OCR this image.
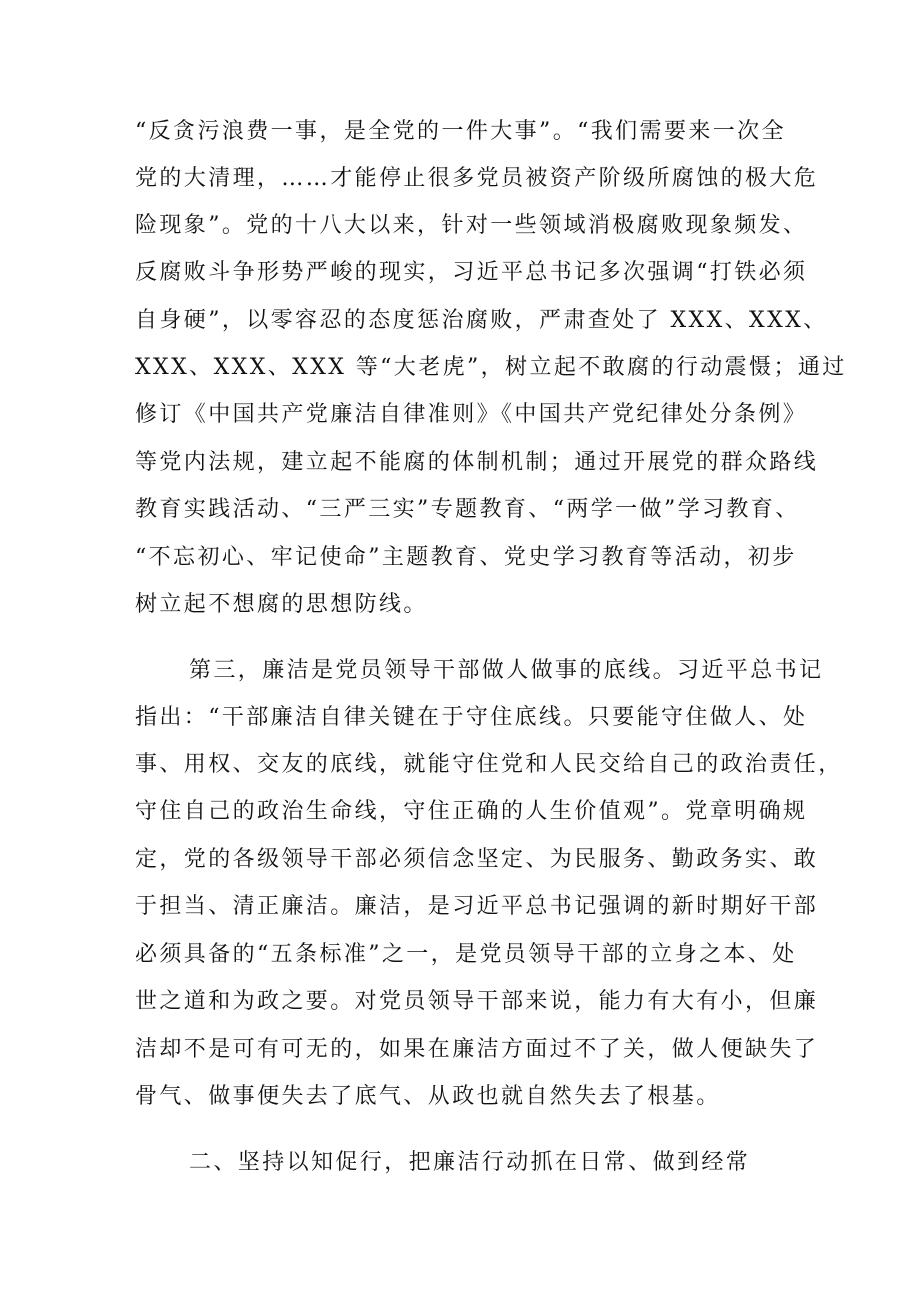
“反贪污浪费一事，是全党的一件大事”。“我们需要来一次全
党的大清理，……才能停止很多党员被资产阶级所腐蚀的极大危
险现象”。党的十八大以来，针对一些领域消极腐败现象频发、
反腐败斗争形势严峻的现实，习近平总书记多次强调“打铁必须
自身硬”，以零容忍的态度惩治腐败，严肃查处了 XXX、XXX、
XXX、XXX、XXX 等“大老虎”，树立起不敢腐的行动震慑；通过
修订《中国共产党廉洁自律准则》《中国共产党纪律处分条例》
等党内法规，建立起不能腐的体制机制；通过开展党的群众路线
教育实践活动、“三严三实”专题教育、“两学一做”学习教育、
“不忘初心、牢记使命”主题教育、党史学习教育等活动，初步
树立起不想腐的思想防线。
第三，廉洁是党员领导干部做人做事的底线。习近平总书记
指出：“干部廉洁自律关键在于守住底线。只要能守住做人、处
事、用权、交友的底线，就能守住党和人民交给自己的政治责任，
守住自己的政治生命线，守住正确的人生价值观”。党章明确规
定，党的各级领导干部必须信念坚定、为民服务、勤政务实、敢
于担当、清正廉洁。廉洁，是习近平总书记强调的新时期好干部
必须具备的“五条标准”之一，是党员领导干部的立身之本、处
世之道和为政之要。对党员领导干部来说，能力有大有小，但廉
洁却不是可有可无的，如果在廉洁方面过不了关，做人便缺失了
骨气、做事便失去了底气、从政也就自然失去了根基。
二、坚持以知促行，把廉洁行动抓在日常、做到经常
